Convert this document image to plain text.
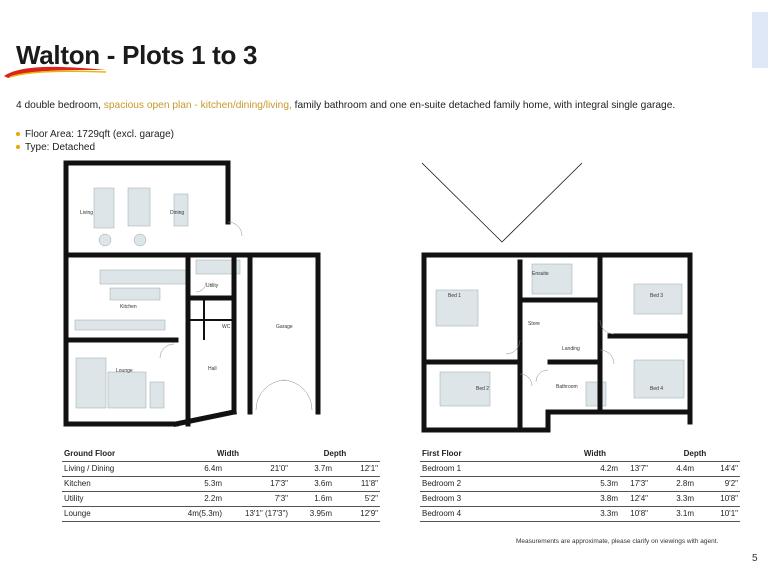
Walton - Plots 1 to 3

4 double bedroom, spacious open plan - kitchen/dining/living, family bathroom and one en-suite detached family home, with integral single garage.

Floor Area: 1729qft (excl. garage)
Type: Detached
Living	Dining
Utility
Kitchen
WC	Garage
Lounge	Hall
Ensuite
Bed 1	Bed 3
Store
Landing
Bed 2	Bathroom	Bed 4
Ground Floor	Width		Depth	
Living / Dining	6.4m	21'0"	3.7m	12'1"
Kitchen	5.3m	17'3"	3.6m	11'8"
Utility	2.2m	7'3"	1.6m	5'2"
Lounge	4m(5.3m)	13'1" (17'3")	3.95m	12'9"
First Floor	Width		Depth	
Bedroom 1	4.2m	13'7"	4.4m	14'4"
Bedroom 2	5.3m	17'3"	2.8m	9'2"
Bedroom 3	3.8m	12'4"	3.3m	10'8"
Bedroom 4	3.3m	10'8"	3.1m	10'1"

Measurements are approximate, please clarify on viewings with agent.

5
